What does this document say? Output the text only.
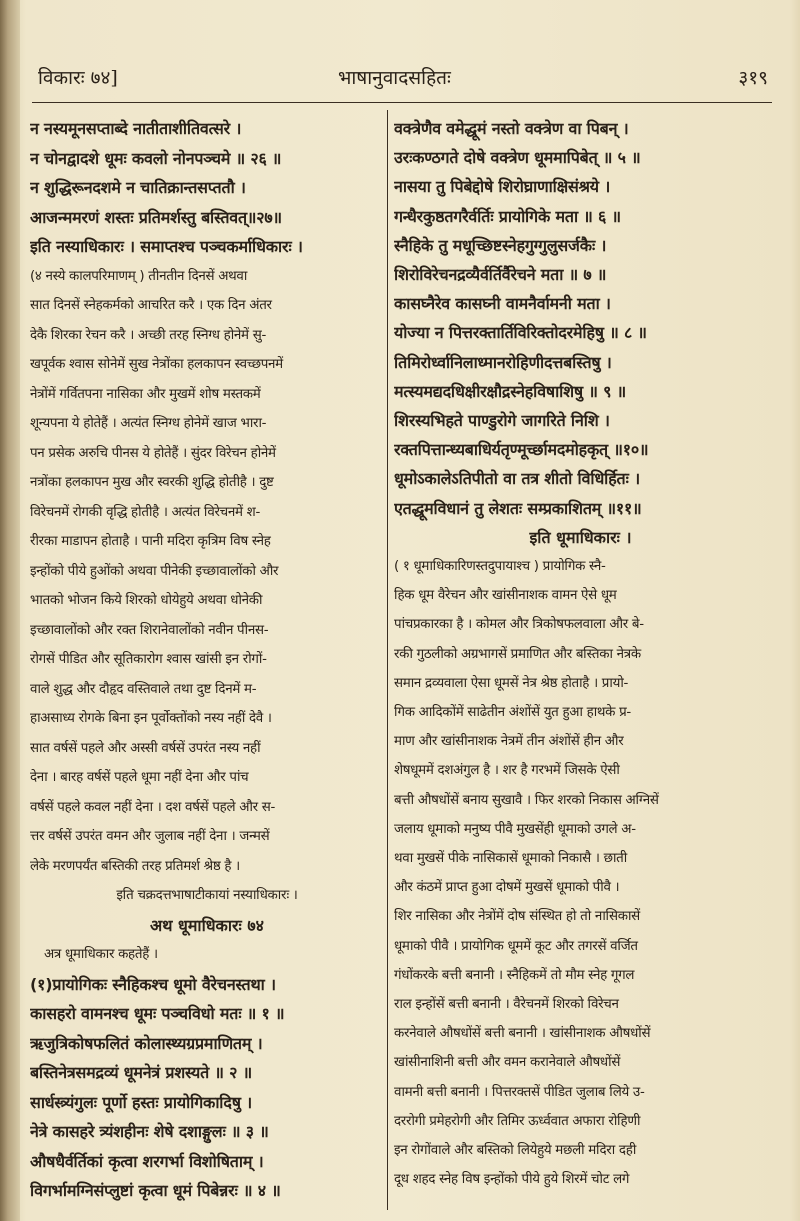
विकारः ७४]	भाषानुवादसहितः	३१९
न नस्यमूनसप्ताब्दे नातीताशीतिवत्सरे ।
न चोनद्वादशे धूमः कवलो नोनपञ्चमे ॥ २६ ॥
न शुद्धिरूनदशमे न चातिक्रान्तसप्ततौ ।
आजन्ममरणं शस्तः प्रतिमर्शस्तु बस्तिवत्॥२७॥
इति नस्याधिकारः । समाप्तश्च पञ्चकर्माधिकारः ।
(४ नस्ये कालपरिमाणम् ) तीनतीन दिनसें अथवा
सात दिनसें स्नेहकर्मको आचरित करै । एक दिन अंतर
देकै शिरका रेचन करै । अच्छी तरह स्निग्ध होनेमें सु-
खपूर्वक श्वास सोनेमें सुख नेत्रोंका हलकापन स्वच्छपनमें
नेत्रोंमें गर्वितपना नासिका और मुखमें शोष मस्तकमें
शून्यपना ये होतेहैं । अत्यंत स्निग्ध होनेमें खाज भारा-
पन प्रसेक अरुचि पीनस ये होतेहैं । सुंदर विरेचन होनेमें
नत्रोंका हलकापन मुख और स्वरकी शुद्धि होतीहै । दुष्ट
विरेचनमें रोगकी वृद्धि होतीहै । अत्यंत विरेचनमें श-
रीरका माडापन होताहै । पानी मदिरा कृत्रिम विष स्नेह
इन्होंको पीये हुओंको अथवा पीनेकी इच्छावालोंको और
भातको भोजन किये शिरको धोयेहुये अथवा धोनेकी
इच्छावालोंको और रक्त शिरानेवालोंको नवीन पीनस-
रोगसें पीडित और सूतिकारोग श्वास खांसी इन रोगों-
वाले शुद्ध और दौहृद वस्तिवाले तथा दुष्ट दिनमें म-
हाअसाध्य रोगके बिना इन पूर्वोक्तोंको नस्य नहीं देवै ।
सात वर्षसें पहले और अस्सी वर्षसें उपरंत नस्य नहीं
देना । बारह वर्षसें पहले धूमा नहीं देना और पांच
वर्षसें पहले कवल नहीं देना । दश वर्षसें पहले और स-
त्तर वर्षसें उपरंत वमन और जुलाब नहीं देना । जन्मसें
लेके मरणपर्यंत बस्तिकी तरह प्रतिमर्श श्रेष्ठ है ।
इति चक्रदत्तभाषाटीकायां नस्याधिकारः ।
अथ धूमाधिकारः ७४
अत्र धूमाधिकार कहतेहैं ।
(१)प्रायोगिकः स्नैहिकश्च धूमो वैरेचनस्तथा ।
कासहरो वामनश्च धूमः पञ्चविधो मतः ॥ १ ॥
ऋजुत्रिकोषफलितं कोलास्थ्यग्रप्रमाणितम् ।
बस्तिनेत्रसमद्रव्यं धूमनेत्रं प्रशस्यते ॥ २ ॥
सार्धस्त्र्यंगुलः पूर्णो हस्तः प्रायोगिकादिषु ।
नेत्रे कासहरे त्र्यंशहीनः शेषे दशाङ्गुलः ॥ ३ ॥
औषधैर्वर्तिकां कृत्वा शरगर्भा विशोषिताम् ।
विगर्भामग्निसंप्लुष्टां कृत्वा धूमं पिबेन्नरः ॥ ४ ॥
वक्त्रेणैव वमेद्धूमं नस्तो वक्त्रेण वा पिबन् ।
उरःकण्ठगते दोषे वक्त्रेण धूममापिबेत् ॥ ५ ॥
नासया तु पिबेद्दोषे शिरोघ्राणाक्षिसंश्रये ।
गन्धैरकुष्ठतगरैर्वर्तिः प्रायोगिके मता ॥ ६ ॥
स्नैहिके तु मधूच्छिष्टस्नेहगुग्गुलुसर्जकैः ।
शिरोविरेचनद्रव्यैर्वर्तिर्वैरेचने मता ॥ ७ ॥
कासघ्नैरेव कासघ्नी वामनैर्वामनी मता ।
योज्या न पित्तरक्तार्तिविरिक्तोदरमेहिषु ॥ ८ ॥
तिमिरोर्ध्वानिलाध्मानरोहिणीदत्तबस्तिषु ।
मत्स्यमद्यदधिक्षीरक्षौद्रस्नेहविषाशिषु ॥ ९ ॥
शिरस्यभिहते पाण्डुरोगे जागरिते निशि ।
रक्तपित्तान्ध्यबाधिर्यतृण्मूर्च्छामदमोहकृत् ॥१०॥
धूमोऽकालेऽतिपीतो वा तत्र शीतो विधिर्हितः ।
एतद्धूमविधानं तु लेशतः सम्प्रकाशितम् ॥११॥
इति धूमाधिकारः ।
( १ धूमाधिकारिणस्तदुपायाश्च ) प्रायोगिक स्नै-
हिक धूम वैरेचन और खांसीनाशक वामन ऐसे धूम
पांचप्रकारका है । कोमल और त्रिकोषफलवाला और बे-
रकी गुठलीको अग्रभागसें प्रमाणित और बस्तिका नेत्रके
समान द्रव्यवाला ऐसा धूमसें नेत्र श्रेष्ठ होताहै । प्रायो-
गिक आदिकोंमें साढेतीन अंशोंसें युत हुआ हाथके प्र-
माण और खांसीनाशक नेत्रमें तीन अंशोंसें हीन और
शेषधूममें दशअंगुल है । शर है गरभमें जिसके ऐसी
बत्ती औषधोंसें बनाय सुखावै । फिर शरको निकास अग्निसें
जलाय धूमाको मनुष्य पीवै मुखसेंही धूमाको उगले अ-
थवा मुखसें पीके नासिकासें धूमाको निकासै । छाती
और कंठमें प्राप्त हुआ दोषमें मुखसें धूमाको पीवै ।
शिर नासिका और नेत्रोंमें दोष संस्थित हो तो नासिकासें
धूमाको पीवै । प्रायोगिक धूममें कूट और तगरसें वर्जित
गंधोंकरके बत्ती बनानी । स्नैहिकमें तो मौम स्नेह गूगल
राल इन्होंसें बत्ती बनानी । वैरेचनमें शिरको विरेचन
करनेवाले औषधोंसें बत्ती बनानी । खांसीनाशक औषधोंसें
खांसीनाशिनी बत्ती और वमन करानेवाले औषधोंसें
वामनी बत्ती बनानी । पित्तरक्तसें पीडित जुलाब लिये उ-
दररोगी प्रमेहरोगी और तिमिर ऊर्ध्ववात अफारा रोहिणी
इन रोगोंवाले और बस्तिको लियेहुये मछली मदिरा दही
दूध शहद स्नेह विष इन्होंको पीये हुये शिरमें चोट लगे
